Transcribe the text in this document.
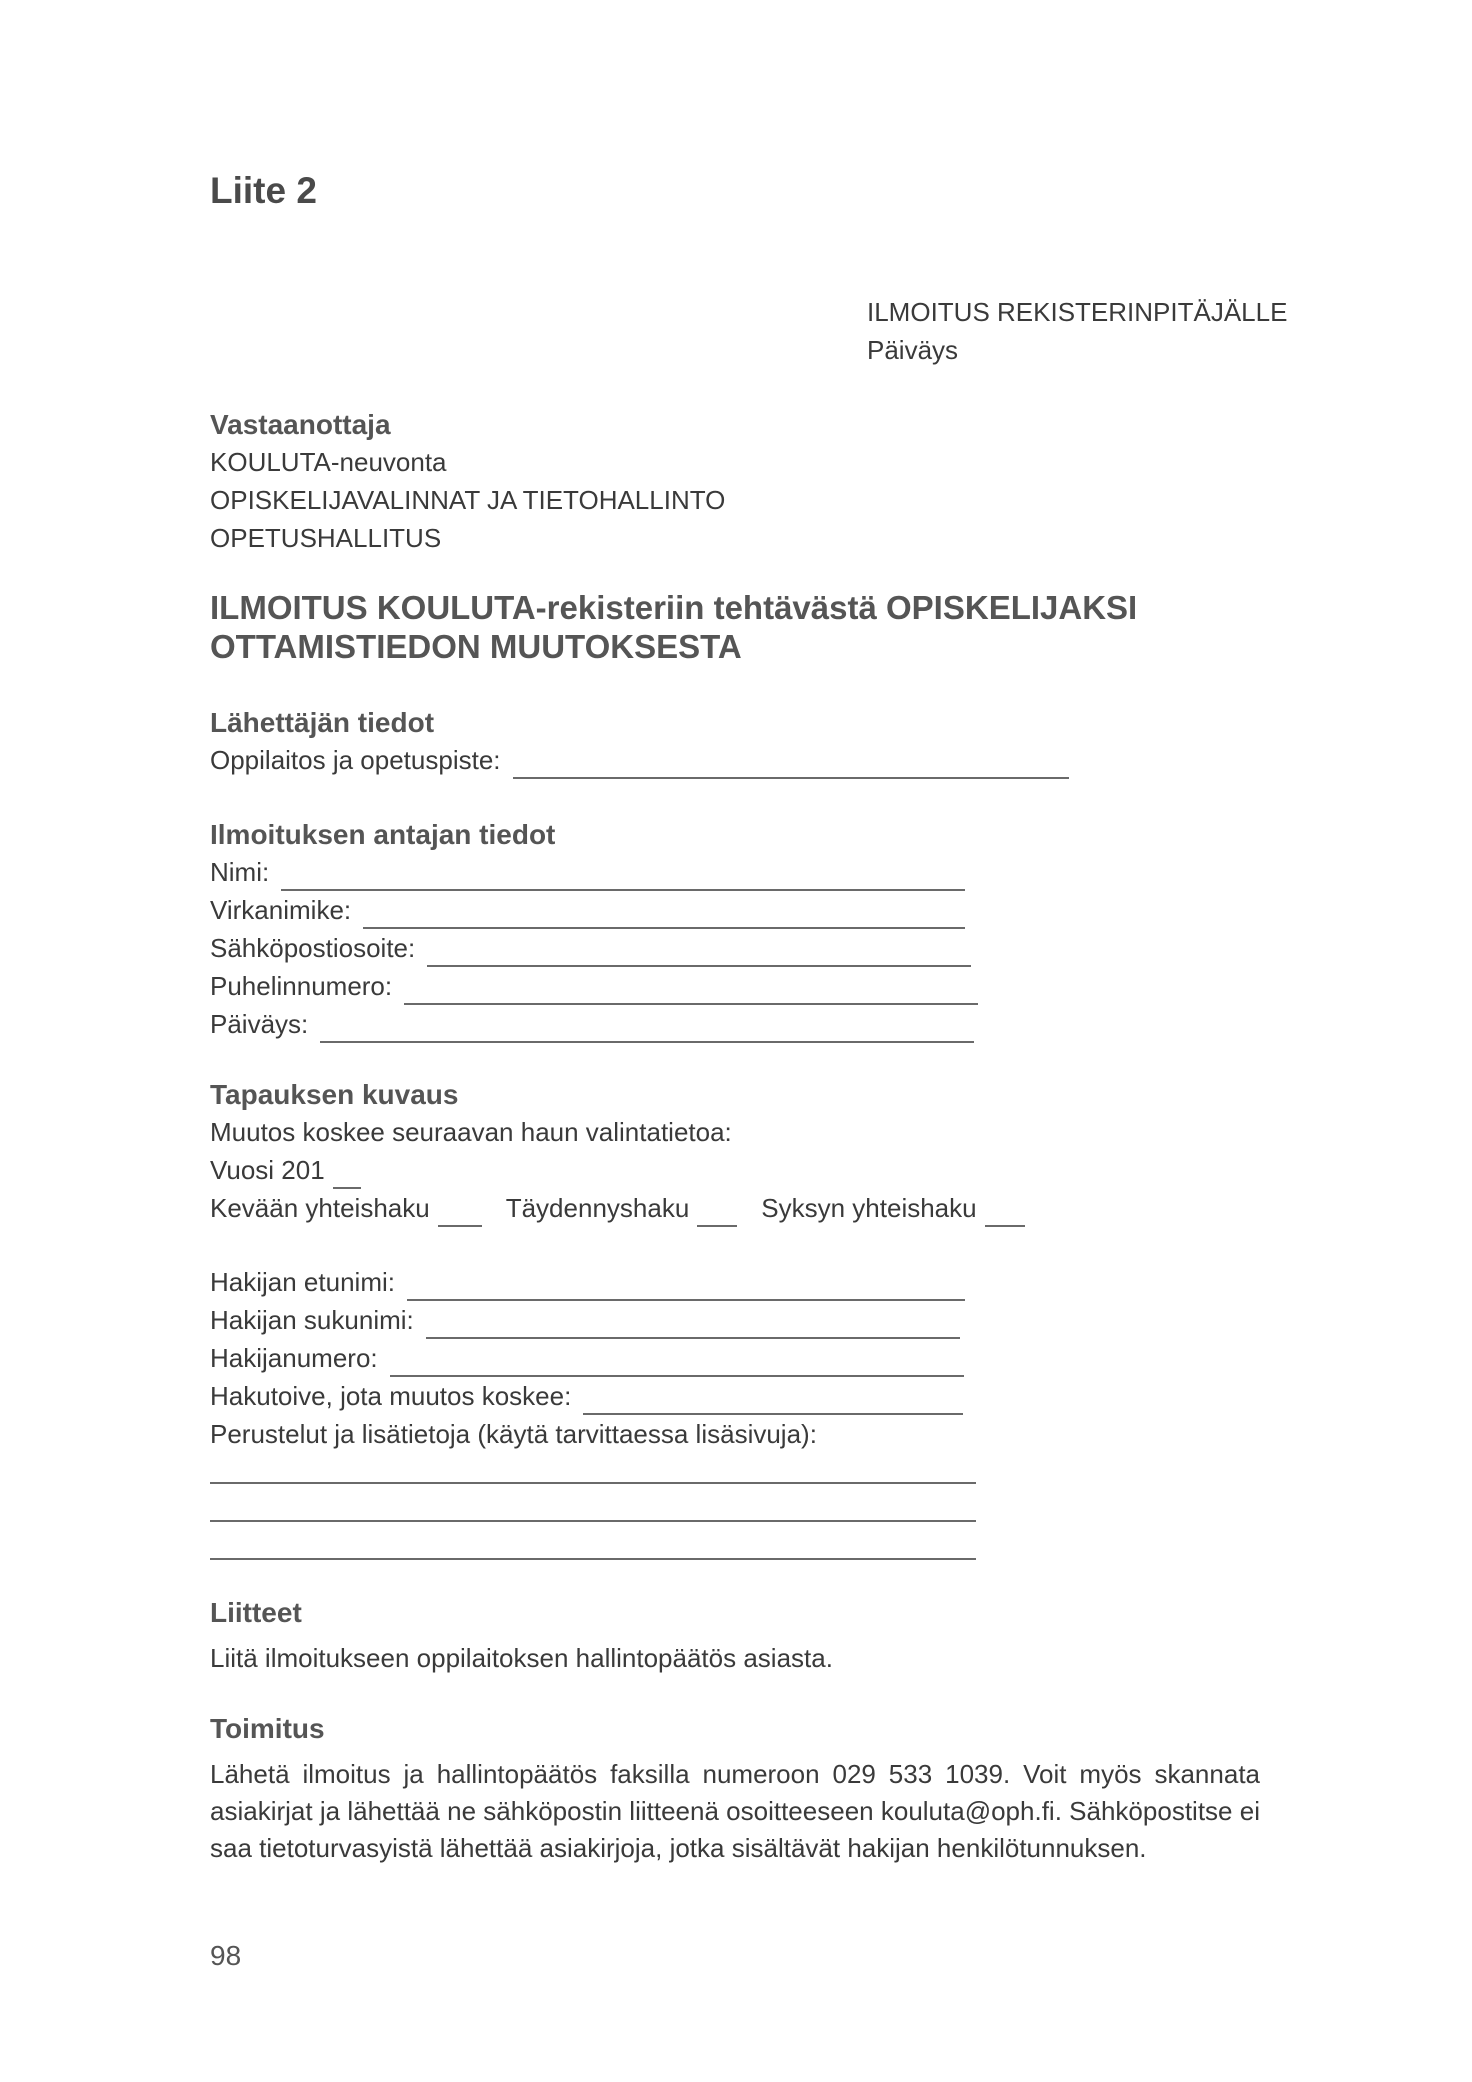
Liite 2
ILMOITUS REKISTERINPITÄJÄLLE
Päiväys
Vastaanottaja
KOULUTA-neuvonta
OPISKELIJAVALINNAT JA TIETOHALLINTO
OPETUSHALLITUS
ILMOITUS KOULUTA-rekisteriin tehtävästä OPISKELIJAKSI OTTAMISTIEDON MUUTOKSESTA
Lähettäjän tiedot
Oppilaitos ja opetuspiste:
Ilmoituksen antajan tiedot
Nimi:
Virkanimike:
Sähköpostiosoite:
Puhelinnumero:
Päiväys:
Tapauksen kuvaus
Muutos koskee seuraavan haun valintatietoa:
Vuosi 201
Kevään yhteishaku	Täydennyshaku	Syksyn yhteishaku
Hakijan etunimi:
Hakijan sukunimi:
Hakijanumero:
Hakutoive, jota muutos koskee:
Perustelut ja lisätietoja (käytä tarvittaessa lisäsivuja):
Liitteet
Liitä ilmoitukseen oppilaitoksen hallintopäätös asiasta.
Toimitus
Lähetä ilmoitus ja hallintopäätös faksilla numeroon 029 533 1039. Voit myös skannata asiakirjat ja lähettää ne sähköpostin liitteenä osoitteeseen kouluta@oph.fi. Sähköpostitse ei saa tietoturvasyistä lähettää asiakirjoja, jotka sisältävät hakijan henkilötunnuksen.
98
